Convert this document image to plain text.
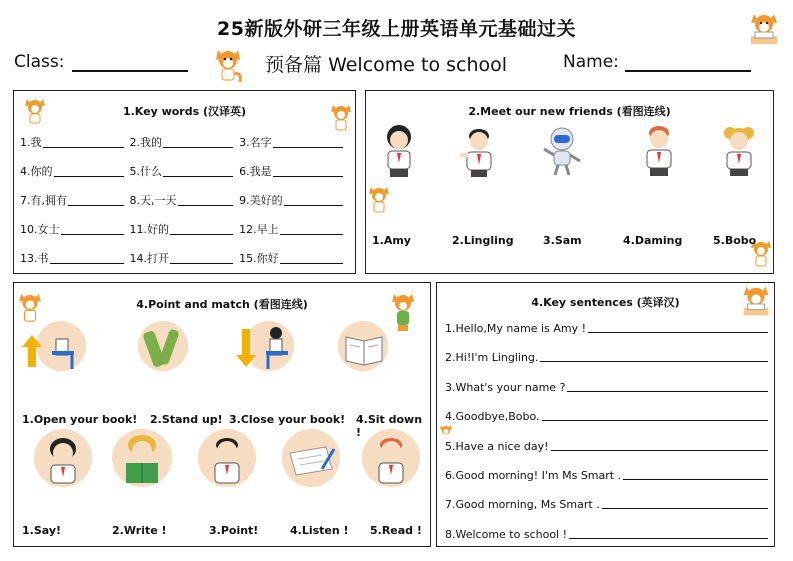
25新版外研三年级上册英语单元基础过关
Class:	预备篇 Welcome to school	Name:
1.Key words (汉译英)
1.我	2.我的	3.名字
4.你的	5.什么	6.我是
7.有,拥有	8.天,一天	9.美好的
10.女士	11.好的	12.早上
13.书	14.打开	15.你好
2.Meet our new friends (看图连线)
1.Amy	2.Lingling	3.Sam	4.Daming	5.Bobo
4.Point and match (看图连线)
1.Open your book! 2.Stand up! 3.Close your book! 4.Sit down !
1.Say!	2.Write !	3.Point!	4.Listen ! 5.Read !
4.Key sentences (英译汉)
1.Hello,My name is Amy !
2.Hi!I'm Lingling.
3.What's your name ?
4.Goodbye,Bobo.
5.Have a nice day!
6.Good morning! I'm Ms Smart .
7.Good morning, Ms Smart .
8.Welcome to school !
